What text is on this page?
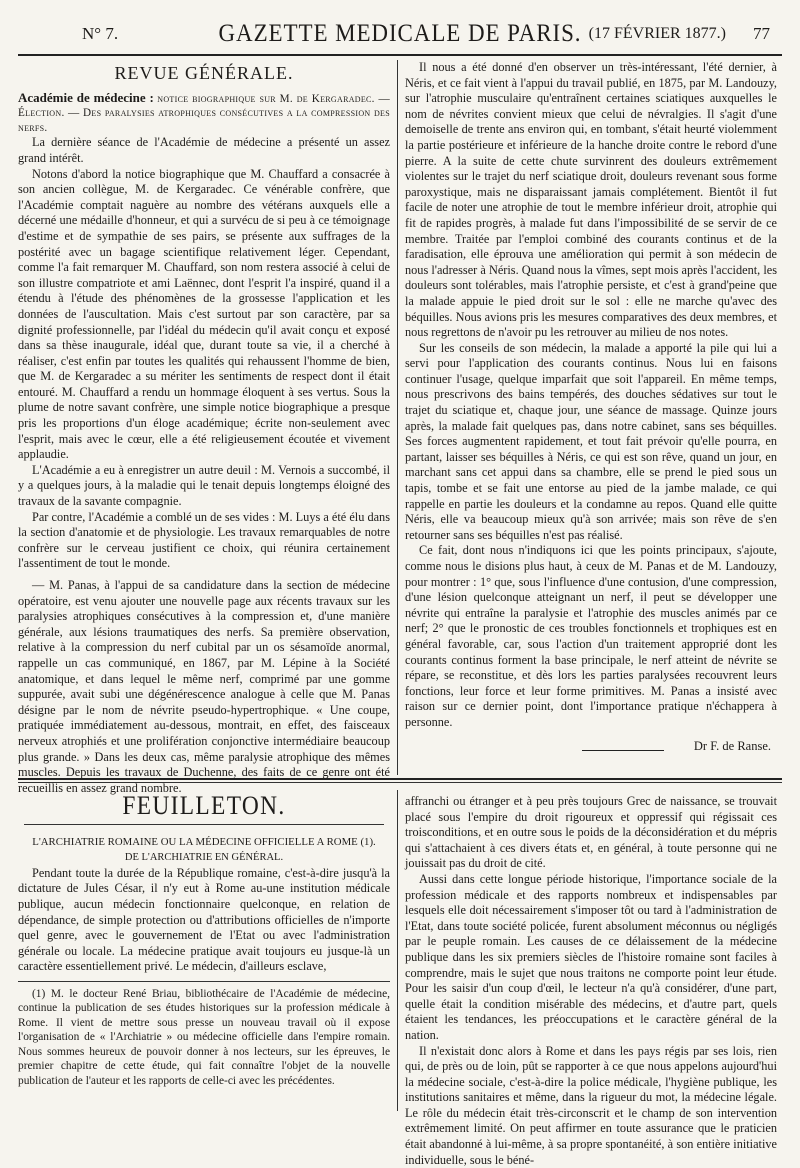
N° 7.	GAZETTE MEDICALE DE PARIS. (17 FÉVRIER 1877.) 77
REVUE GÉNÉRALE.

Académie de médecine : notice biographique sur M. de Kergaradec. — Élection. — Des paralysies atrophiques consécutives a la compression des nerfs.

La dernière séance de l'Académie de médecine a présenté un assez grand intérêt.

Notons d'abord la notice biographique que M. Chauffard a consacrée à son ancien collègue, M. de Kergaradec. Ce vénérable confrère, que l'Académie comptait naguère au nombre des vétérans auxquels elle a décerné une médaille d'honneur, et qui a survécu de si peu à ce témoignage d'estime et de sympathie de ses pairs, se présente aux suffrages de la postérité avec un bagage scientifique relativement léger. Cependant, comme l'a fait remarquer M. Chauffard, son nom restera associé à celui de son illustre compatriote et ami Laënnec, dont l'esprit l'a inspiré, quand il a étendu à l'étude des phénomènes de la grossesse l'application et les données de l'auscultation. Mais c'est surtout par son caractère, par sa dignité professionnelle, par l'idéal du médecin qu'il avait conçu et exposé dans sa thèse inaugurale, idéal que, durant toute sa vie, il a cherché à réaliser, c'est enfin par toutes les qualités qui rehaussent l'homme de bien, que M. de Kergaradec a su mériter les sentiments de respect dont il était entouré. M. Chauffard a rendu un hommage éloquent à ses vertus. Sous la plume de notre savant confrère, une simple notice biographique a presque pris les proportions d'un éloge académique; écrite non-seulement avec l'esprit, mais avec le cœur, elle a été religieusement écoutée et vivement applaudie.

L'Académie a eu à enregistrer un autre deuil : M. Vernois a succombé, il y a quelques jours, à la maladie qui le tenait depuis longtemps éloigné des travaux de la savante compagnie.

Par contre, l'Académie a comblé un de ses vides : M. Luys a été élu dans la section d'anatomie et de physiologie. Les travaux remarquables de notre confrère sur le cerveau justifient ce choix, qui réunira certainement l'assentiment de tout le monde.

— M. Panas, à l'appui de sa candidature dans la section de médecine opératoire, est venu ajouter une nouvelle page aux récents travaux sur les paralysies atrophiques consécutives à la compression et, d'une manière générale, aux lésions traumatiques des nerfs. Sa première observation, relative à la compression du nerf cubital par un os sésamoïde anormal, rappelle un cas communiqué, en 1867, par M. Lépine à la Société anatomique, et dans lequel le même nerf, comprimé par une gomme suppurée, avait subi une dégénérescence analogue à celle que M. Panas désigne par le nom de névrite pseudo-hypertrophique. « Une coupe, pratiquée immédiatement au-dessous, montrait, en effet, des faisceaux nerveux atrophiés et une prolifération conjonctive intermédiaire beaucoup plus grande. » Dans les deux cas, même paralysie atrophique des mêmes muscles. Depuis les travaux de Duchenne, des faits de ce genre ont été recueillis en assez grand nombre.

Il nous a été donné d'en observer un très-intéressant, l'été dernier, à Néris, et ce fait vient à l'appui du travail publié, en 1875, par M. Landouzy, sur l'atrophie musculaire qu'entraînent certaines sciatiques auxquelles le nom de névrites convient mieux que celui de névralgies. Il s'agit d'une demoiselle de trente ans environ qui, en tombant, s'était heurté violemment la partie postérieure et inférieure de la hanche droite contre le rebord d'une pierre. A la suite de cette chute survinrent des douleurs extrêmement violentes sur le trajet du nerf sciatique droit, douleurs revenant sous forme paroxystique, mais ne disparaissant jamais complétement. Bientôt il fut facile de noter une atrophie de tout le membre inférieur droit, atrophie qui fit de rapides progrès, à malade fut dans l'impossibilité de se servir de ce membre. Traitée par l'emploi combiné des courants continus et de la faradisation, elle éprouva une amélioration qui permit à son médecin de nous l'adresser à Néris. Quand nous la vîmes, sept mois après l'accident, les douleurs sont tolérables, mais l'atrophie persiste, et c'est à grand'peine que la malade appuie le pied droit sur le sol : elle ne marche qu'avec des béquilles. Nous avions pris les mesures comparatives des deux membres, et nous regrettons de n'avoir pu les retrouver au milieu de nos notes.

Sur les conseils de son médecin, la malade a apporté la pile qui lui a servi pour l'application des courants continus. Nous lui en faisons continuer l'usage, quelque imparfait que soit l'appareil. En même temps, nous prescrivons des bains tempérés, des douches sédatives sur tout le trajet du sciatique et, chaque jour, une séance de massage. Quinze jours après, la malade fait quelques pas, dans notre cabinet, sans ses béquilles. Ses forces augmentent rapidement, et tout fait prévoir qu'elle pourra, en partant, laisser ses béquilles à Néris, ce qui est son rêve, quand un jour, en marchant sans cet appui dans sa chambre, elle se prend le pied sous un tapis, tombe et se fait une entorse au pied de la jambe malade, ce qui rappelle en partie les douleurs et la condamne au repos. Quand elle quitte Néris, elle va beaucoup mieux qu'à son arrivée; mais son rêve de s'en retourner sans ses béquilles n'est pas réalisé.

Ce fait, dont nous n'indiquons ici que les points principaux, s'ajoute, comme nous le disions plus haut, à ceux de M. Panas et de M. Landouzy, pour montrer : 1° que, sous l'influence d'une contusion, d'une compression, d'une lésion quelconque atteignant un nerf, il peut se développer une névrite qui entraîne la paralysie et l'atrophie des muscles animés par ce nerf; 2° que le pronostic de ces troubles fonctionnels et trophiques est en général favorable, car, sous l'action d'un traitement approprié dont les courants continus forment la base principale, le nerf atteint de névrite se répare, se reconstitue, et dès lors les parties paralysées recouvrent leurs fonctions, leur force et leur forme primitives. M. Panas a insisté avec raison sur ce dernier point, dont l'importance pratique n'échappera à personne.

Dr F. de Ranse.
FEUILLETON.

L'ARCHIATRIE ROMAINE OU LA MÉDECINE OFFICIELLE A ROME (1).

DE L'ARCHIATRIE EN GÉNÉRAL.

Pendant toute la durée de la République romaine, c'est-à-dire jusqu'à la dictature de Jules César, il n'y eut à Rome au-une institution médicale publique, aucun médecin fonctionnaire quelconque, en relation de dépendance, de simple protection ou d'attributions officielles de n'importe quel genre, avec le gouvernement de l'Etat ou avec l'administration générale ou locale. La médecine pratique avait toujours eu jusque-là un caractère essentiellement privé. Le médecin, d'ailleurs esclave,

(1) M. le docteur René Briau, bibliothécaire de l'Académie de médecine, continue la publication de ses études historiques sur la profession médicale à Rome. Il vient de mettre sous presse un nouveau travail où il expose l'organisation de « l'Archiatrie » ou médecine officielle dans l'empire romain. Nous sommes heureux de pouvoir donner à nos lecteurs, sur les épreuves, le premier chapitre de cette étude, qui fait connaître l'objet de la nouvelle publication de l'auteur et les rapports de celle-ci avec les précédentes.

affranchi ou étranger et à peu près toujours Grec de naissance, se trouvait placé sous l'empire du droit rigoureux et oppressif qui régissait ces troisconditions, et en outre sous le poids de la déconsidération et du mépris qui s'attachaient à ces divers états et, en général, à toute personne qui ne jouissait pas du droit de cité.

Aussi dans cette longue période historique, l'importance sociale de la profession médicale et des rapports nombreux et indispensables par lesquels elle doit nécessairement s'imposer tôt ou tard à l'administration de l'Etat, dans toute société policée, furent absolument méconnus ou négligés par le peuple romain. Les causes de ce délaissement de la médecine publique dans les six premiers siècles de l'histoire romaine sont faciles à comprendre, mais le sujet que nous traitons ne comporte point leur étude. Pour les saisir d'un coup d'œil, le lecteur n'a qu'à considérer, d'une part, quelle était la condition misérable des médecins, et d'autre part, quels étaient les tendances, les préoccupations et le caractère général de la nation.

Il n'existait donc alors à Rome et dans les pays régis par ses lois, rien qui, de près ou de loin, pût se rapporter à ce que nous appelons aujourd'hui la médecine sociale, c'est-à-dire la police médicale, l'hygiène publique, les institutions sanitaires et même, dans la rigueur du mot, la médecine légale. Le rôle du médecin était très-circonscrit et le champ de son intervention extrêmement limité. On peut affirmer en toute assurance que le praticien était abandonné à lui-même, à sa propre spontanéité, à son entière initiative individuelle, sous le béné-
